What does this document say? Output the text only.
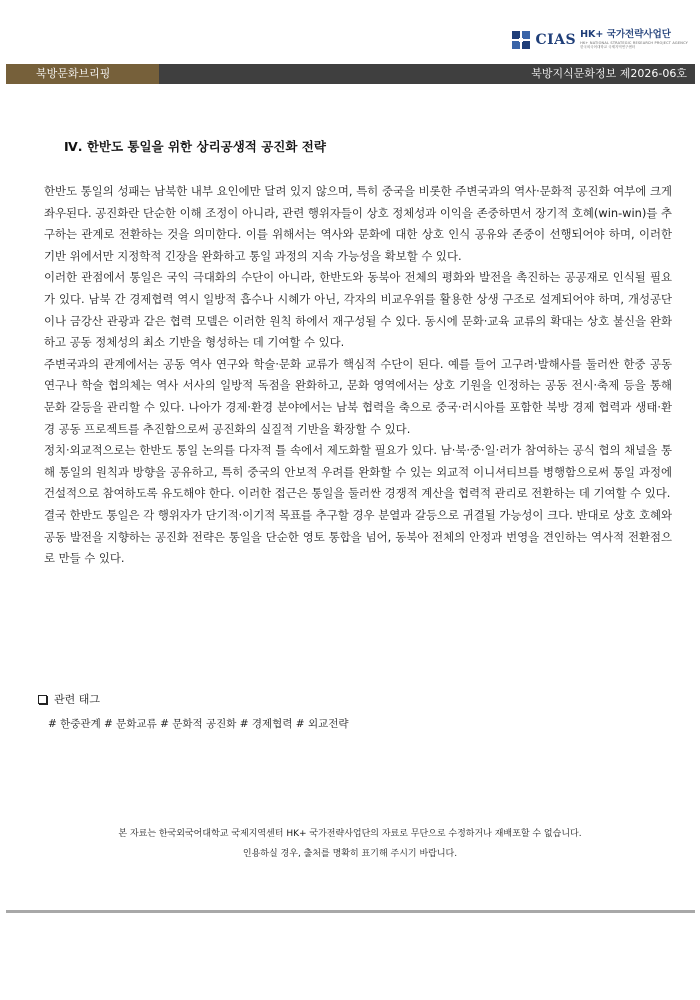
CIAS HK+ 국가전략사업단
HK+ NATIONAL STRATEGIC RESEARCH PROJECT AGENCY
한국외국어대학교 국제지역연구센터
북방문화브리핑	북방지식문화정보 제2026-06호
Ⅳ. 한반도 통일을 위한 상리공생적 공진화 전략

한반도 통일의 성패는 남북한 내부 요인에만 달려 있지 않으며, 특히 중국을 비롯한 주변국과의 역사·문화적 공진화 여부에 크게 좌우된다. 공진화란 단순한 이해 조정이 아니라, 관련 행위자들이 상호 정체성과 이익을 존중하면서 장기적 호혜(win-win)를 추구하는 관계로 전환하는 것을 의미한다. 이를 위해서는 역사와 문화에 대한 상호 인식 공유와 존중이 선행되어야 하며, 이러한 기반 위에서만 지정학적 긴장을 완화하고 통일 과정의 지속 가능성을 확보할 수 있다.

이러한 관점에서 통일은 국익 극대화의 수단이 아니라, 한반도와 동북아 전체의 평화와 발전을 촉진하는 공공재로 인식될 필요가 있다. 남북 간 경제협력 역시 일방적 흡수나 시혜가 아닌, 각자의 비교우위를 활용한 상생 구조로 설계되어야 하며, 개성공단이나 금강산 관광과 같은 협력 모델은 이러한 원칙 하에서 재구성될 수 있다. 동시에 문화·교육 교류의 확대는 상호 불신을 완화하고 공동 정체성의 최소 기반을 형성하는 데 기여할 수 있다.

주변국과의 관계에서는 공동 역사 연구와 학술·문화 교류가 핵심적 수단이 된다. 예를 들어 고구려·발해사를 둘러싼 한중 공동 연구나 학술 협의체는 역사 서사의 일방적 독점을 완화하고, 문화 영역에서는 상호 기원을 인정하는 공동 전시·축제 등을 통해 문화 갈등을 관리할 수 있다. 나아가 경제·환경 분야에서는 남북 협력을 축으로 중국·러시아를 포함한 북방 경제 협력과 생태·환경 공동 프로젝트를 추진함으로써 공진화의 실질적 기반을 확장할 수 있다.

정치·외교적으로는 한반도 통일 논의를 다자적 틀 속에서 제도화할 필요가 있다. 남·북·중·일·러가 참여하는 공식 협의 채널을 통해 통일의 원칙과 방향을 공유하고, 특히 중국의 안보적 우려를 완화할 수 있는 외교적 이니셔티브를 병행함으로써 통일 과정에 건설적으로 참여하도록 유도해야 한다. 이러한 접근은 통일을 둘러싼 경쟁적 계산을 협력적 관리로 전환하는 데 기여할 수 있다.

결국 한반도 통일은 각 행위자가 단기적·이기적 목표를 추구할 경우 분열과 갈등으로 귀결될 가능성이 크다. 반대로 상호 호혜와 공동 발전을 지향하는 공진화 전략은 통일을 단순한 영토 통합을 넘어, 동북아 전체의 안정과 번영을 견인하는 역사적 전환점으로 만들 수 있다.

관련 태그
# 한중관계 # 문화교류 # 문화적 공진화 # 경제협력 # 외교전략
본 자료는 한국외국어대학교 국제지역센터 HK+ 국가전략사업단의 자료로 무단으로 수정하거나 재배포할 수 없습니다.
인용하실 경우, 출처를 명확히 표기해 주시기 바랍니다.
